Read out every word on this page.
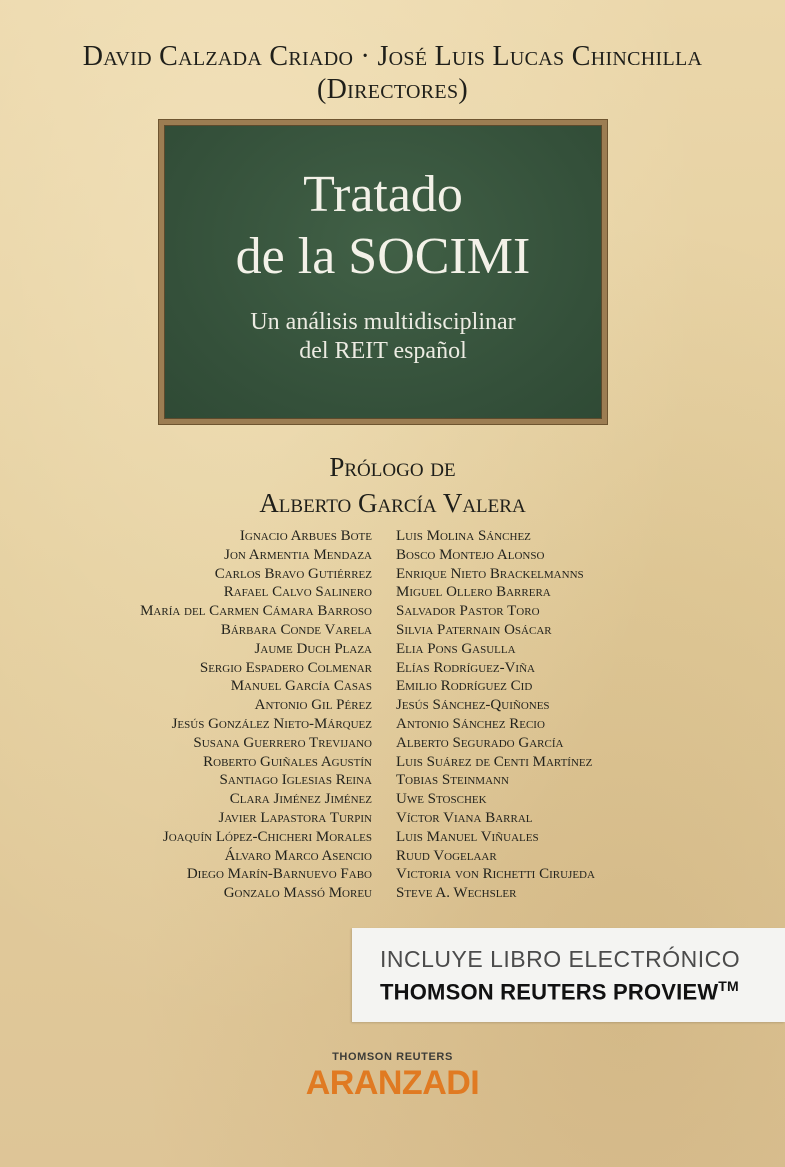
David Calzada Criado · José Luis Lucas Chinchilla
(Directores)
Tratado
de la SOCIMI
Un análisis multidisciplinar
del REIT español
Prólogo de
Alberto García Valera
Ignacio Arbues Bote
Jon Armentia Mendaza
Carlos Bravo Gutiérrez
Rafael Calvo Salinero
María del Carmen Cámara Barroso
Bárbara Conde Varela
Jaume Duch Plaza
Sergio Espadero Colmenar
Manuel García Casas
Antonio Gil Pérez
Jesús González Nieto-Márquez
Susana Guerrero Trevijano
Roberto Guiñales Agustín
Santiago Iglesias Reina
Clara Jiménez Jiménez
Javier Lapastora Turpin
Joaquín López-Chicheri Morales
Álvaro Marco Asencio
Diego Marín-Barnuevo Fabo
Gonzalo Massó Moreu
Luis Molina Sánchez
Bosco Montejo Alonso
Enrique Nieto Brackelmanns
Miguel Ollero Barrera
Salvador Pastor Toro
Silvia Paternain Osácar
Elia Pons Gasulla
Elías Rodríguez-Viña
Emilio Rodríguez Cid
Jesús Sánchez-Quiñones
Antonio Sánchez Recio
Alberto Segurado García
Luis Suárez de Centi Martínez
Tobias Steinmann
Uwe Stoschek
Víctor Viana Barral
Luis Manuel Viñuales
Ruud Vogelaar
Victoria von Richetti Cirujeda
Steve A. Wechsler
INCLUYE LIBRO ELECTRÓNICO
THOMSON REUTERS PROVIEW™
THOMSON REUTERS
ARANZADI
